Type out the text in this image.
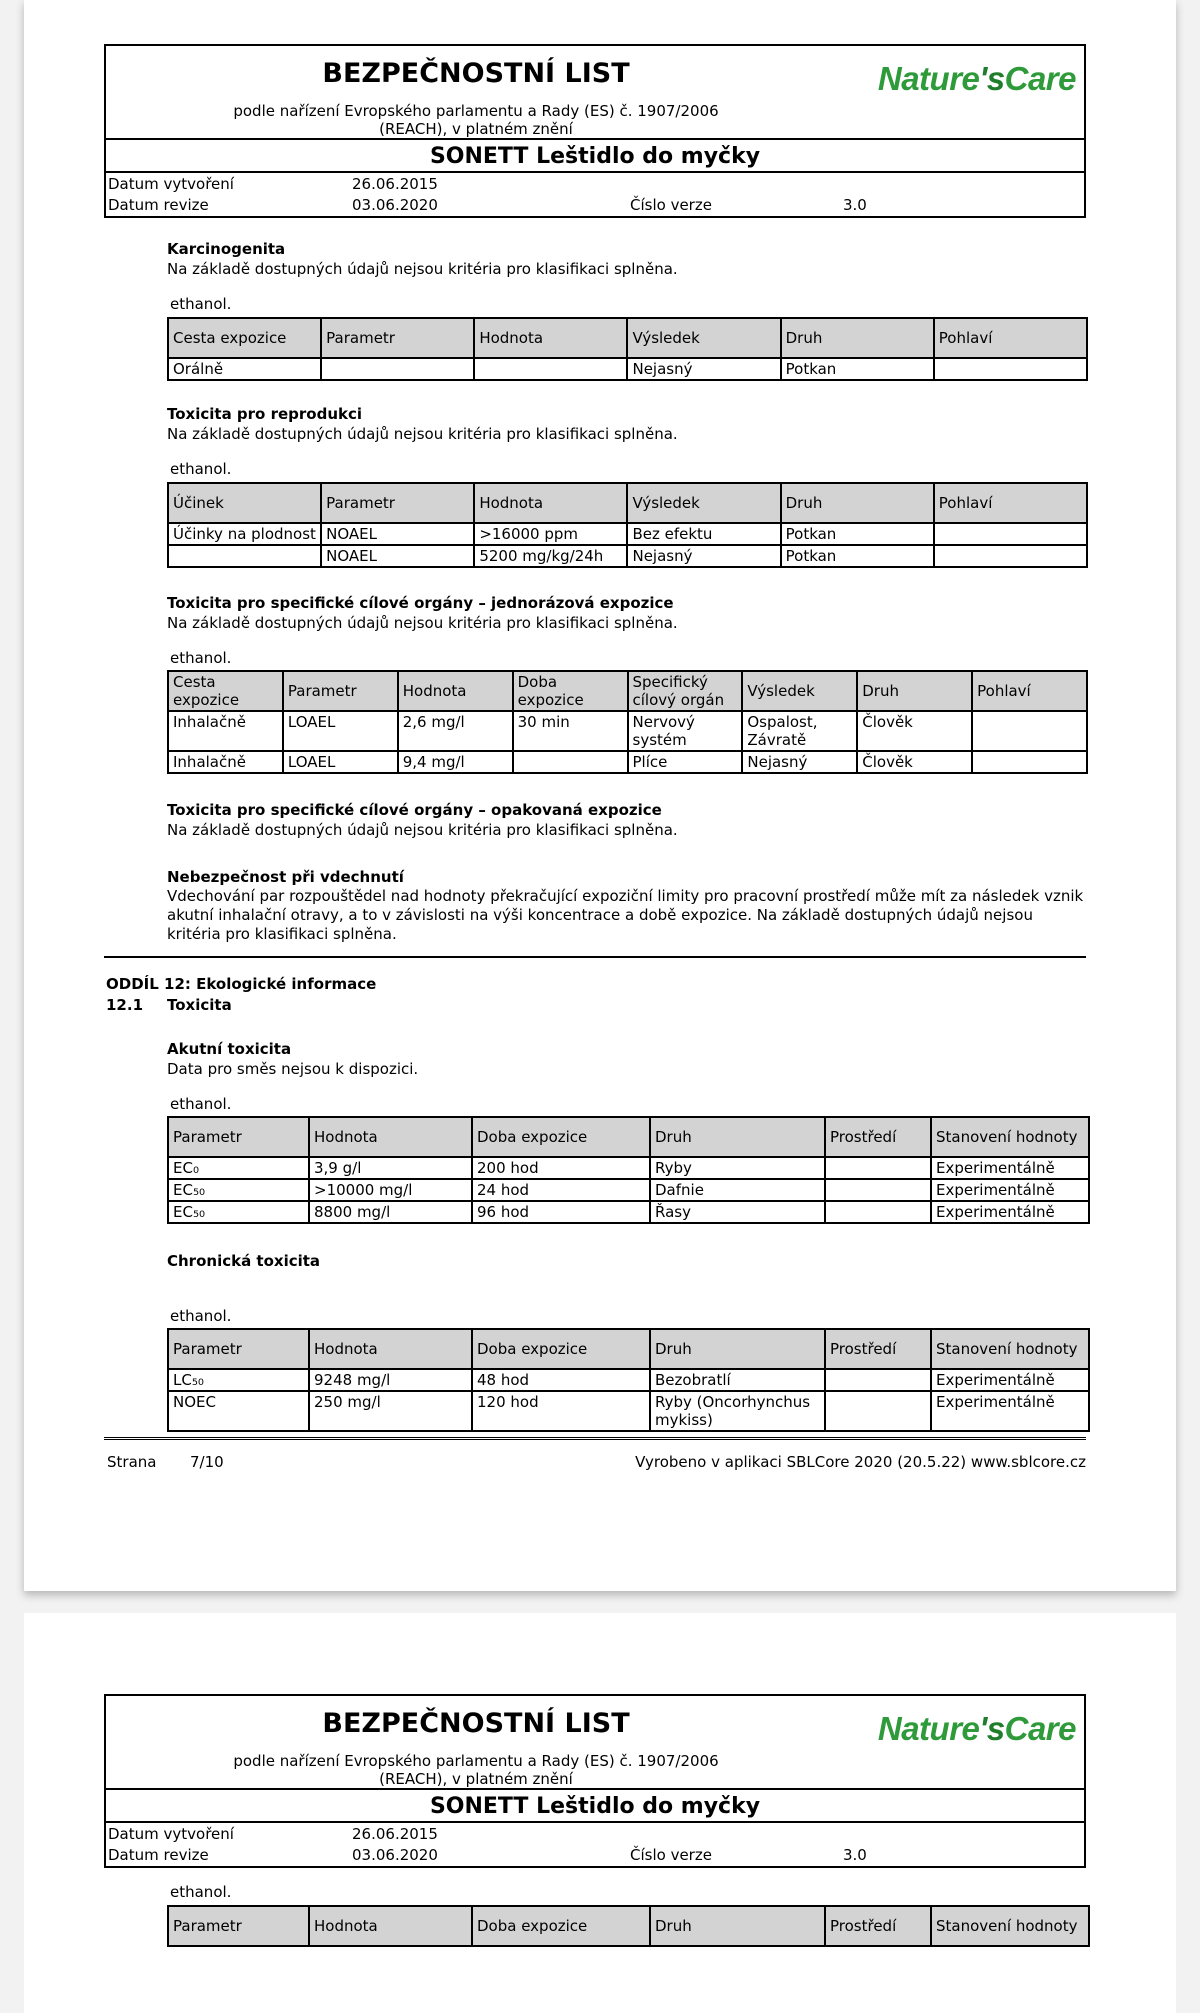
BEZPEČNOSTNÍ LIST	Nature'sCare
podle nařízení Evropského parlamentu a Rady (ES) č. 1907/2006
(REACH), v platném znění
SONETT Leštidlo do myčky
Datum vytvoření	26.06.2015
Datum revize	03.06.2020	Číslo verze	3.0
Karcinogenita
Na základě dostupných údajů nejsou kritéria pro klasifikaci splněna.
ethanol.
Cesta expozice	Parametr	Hodnota	Výsledek	Druh	Pohlaví
Orálně			Nejasný	Potkan	
Toxicita pro reprodukci
Na základě dostupných údajů nejsou kritéria pro klasifikaci splněna.
ethanol.
Účinek	Parametr	Hodnota	Výsledek	Druh	Pohlaví
Účinky na plodnost	NOAEL	>16000 ppm	Bez efektu	Potkan	
	NOAEL	5200 mg/kg/24h	Nejasný	Potkan	
Toxicita pro specifické cílové orgány – jednorázová expozice
Na základě dostupných údajů nejsou kritéria pro klasifikaci splněna.
ethanol.
Cesta expozice	Parametr	Hodnota	Doba expozice	Specifický cílový orgán	Výsledek	Druh	Pohlaví
Inhalačně	LOAEL	2,6 mg/l	30 min	Nervový systém	Ospalost, Závratě	Člověk	
Inhalačně	LOAEL	9,4 mg/l		Plíce	Nejasný	Člověk	
Toxicita pro specifické cílové orgány – opakovaná expozice
Na základě dostupných údajů nejsou kritéria pro klasifikaci splněna.
Nebezpečnost při vdechnutí
Vdechování par rozpouštědel nad hodnoty překračující expoziční limity pro pracovní prostředí může mít za následek vznik akutní inhalační otravy, a to v závislosti na výši koncentrace a době expozice. Na základě dostupných údajů nejsou kritéria pro klasifikaci splněna.
ODDÍL 12: Ekologické informace
12.1 Toxicita
Akutní toxicita
Data pro směs nejsou k dispozici.
ethanol.
Parametr	Hodnota	Doba expozice	Druh	Prostředí	Stanovení hodnoty
EC₀	3,9 g/l	200 hod	Ryby		Experimentálně
EC₅₀	>10000 mg/l	24 hod	Dafnie		Experimentálně
EC₅₀	8800 mg/l	96 hod	Řasy		Experimentálně
Chronická toxicita
ethanol.
Parametr	Hodnota	Doba expozice	Druh	Prostředí	Stanovení hodnoty
LC₅₀	9248 mg/l	48 hod	Bezobratlí		Experimentálně
NOEC	250 mg/l	120 hod	Ryby (Oncorhynchus mykiss)		Experimentálně
Strana 7/10	Vyrobeno v aplikaci SBLCore 2020 (20.5.22) www.sblcore.cz
BEZPEČNOSTNÍ LIST	Nature'sCare
podle nařízení Evropského parlamentu a Rady (ES) č. 1907/2006
(REACH), v platném znění
SONETT Leštidlo do myčky
Datum vytvoření	26.06.2015
Datum revize	03.06.2020	Číslo verze	3.0
ethanol.
Parametr	Hodnota	Doba expozice	Druh	Prostředí	Stanovení hodnoty
